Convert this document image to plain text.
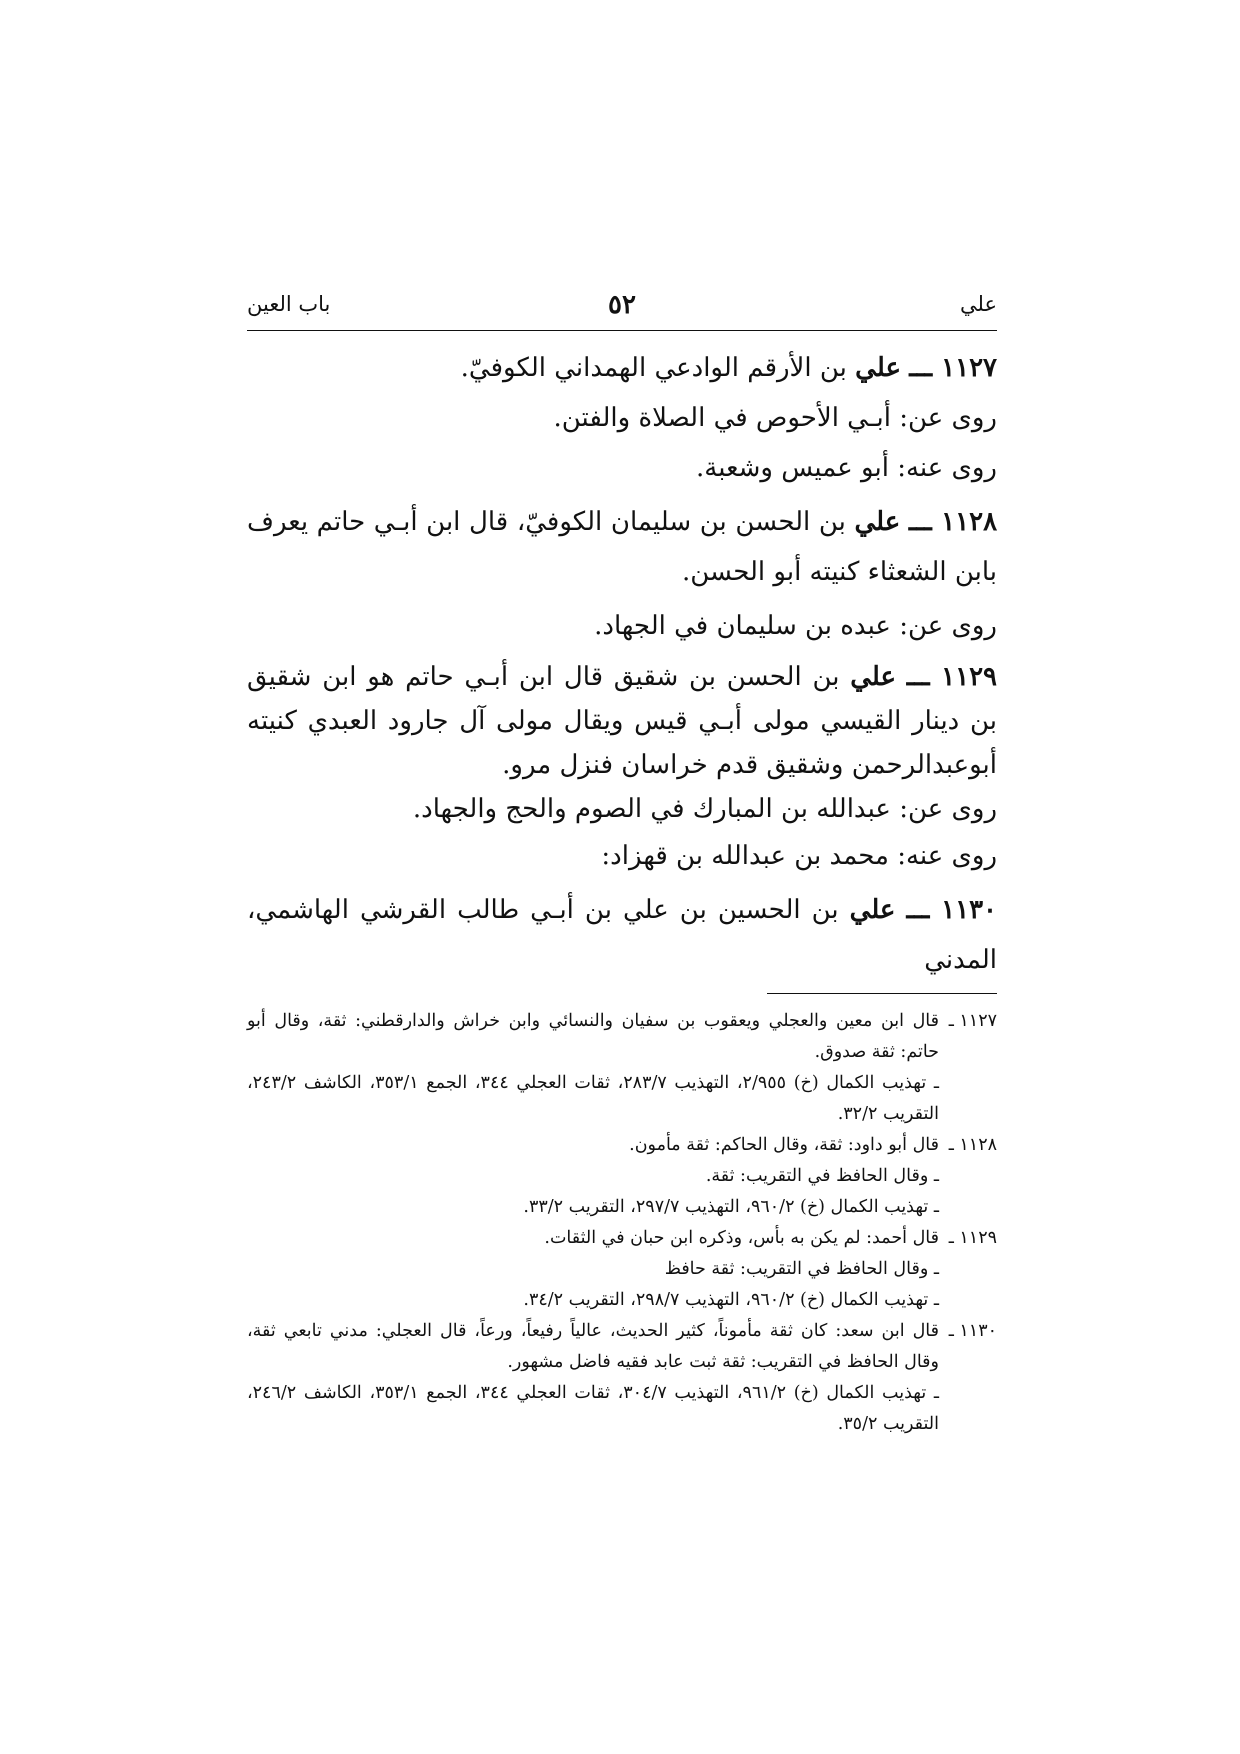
علي
٥٢
باب العين

١١٢٧ ـــ علي بن الأرقم الوادعي الهمداني الكوفيّ.

روى عن: أبـي الأحوص في الصلاة والفتن.

روى عنه: أبو عميس وشعبة.

١١٢٨ ـــ علي بن الحسن بن سليمان الكوفيّ، قال ابن أبـي حاتم يعرف بابن الشعثاء كنيته أبو الحسن.

روى عن: عبده بن سليمان في الجهاد.

١١٢٩ ـــ علي بن الحسن بن شقيق قال ابن أبـي حاتم هو ابن شقيق بن دينار القيسي مولى أبـي قيس ويقال مولى آل جارود العبدي كنيته أبوعبدالرحمن وشقيق قدم خراسان فنزل مرو.

روى عن: عبدالله بن المبارك في الصوم والحج والجهاد.

روى عنه: محمد بن عبدالله بن قهزاد:

١١٣٠ ـــ علي بن الحسين بن علي بن أبـي طالب القرشي الهاشمي، المدني

١١٢٧ ـ
قال ابن معين والعجلي ويعقوب بن سفيان والنسائي وابن خراش والدارقطني: ثقة، وقال أبو حاتم: ثقة صدوق.
ـ تهذيب الكمال (خ) ٢/٩٥٥، التهذيب ٢٨٣/٧، ثقات العجلي ٣٤٤، الجمع ٣٥٣/١، الكاشف ٢٤٣/٢، التقريب ٣٢/٢.
١١٢٨ ـ
قال أبو داود: ثقة، وقال الحاكم: ثقة مأمون.
ـ وقال الحافظ في التقريب: ثقة.
ـ تهذيب الكمال (خ) ٩٦٠/٢، التهذيب ٢٩٧/٧، التقريب ٣٣/٢.
١١٢٩ ـ
قال أحمد: لم يكن به بأس، وذكره ابن حبان في الثقات.
ـ وقال الحافظ في التقريب: ثقة حافظ
ـ تهذيب الكمال (خ) ٩٦٠/٢، التهذيب ٢٩٨/٧، التقريب ٣٤/٢.
١١٣٠ ـ
قال ابن سعد: كان ثقة مأموناً، كثير الحديث، عالياً رفيعاً، ورعاً، قال العجلي: مدني تابعي ثقة، وقال الحافظ في التقريب: ثقة ثبت عابد فقيه فاضل مشهور.
ـ تهذيب الكمال (خ) ٩٦١/٢، التهذيب ٣٠٤/٧، ثقات العجلي ٣٤٤، الجمع ٣٥٣/١، الكاشف ٢٤٦/٢، التقريب ٣٥/٢.
